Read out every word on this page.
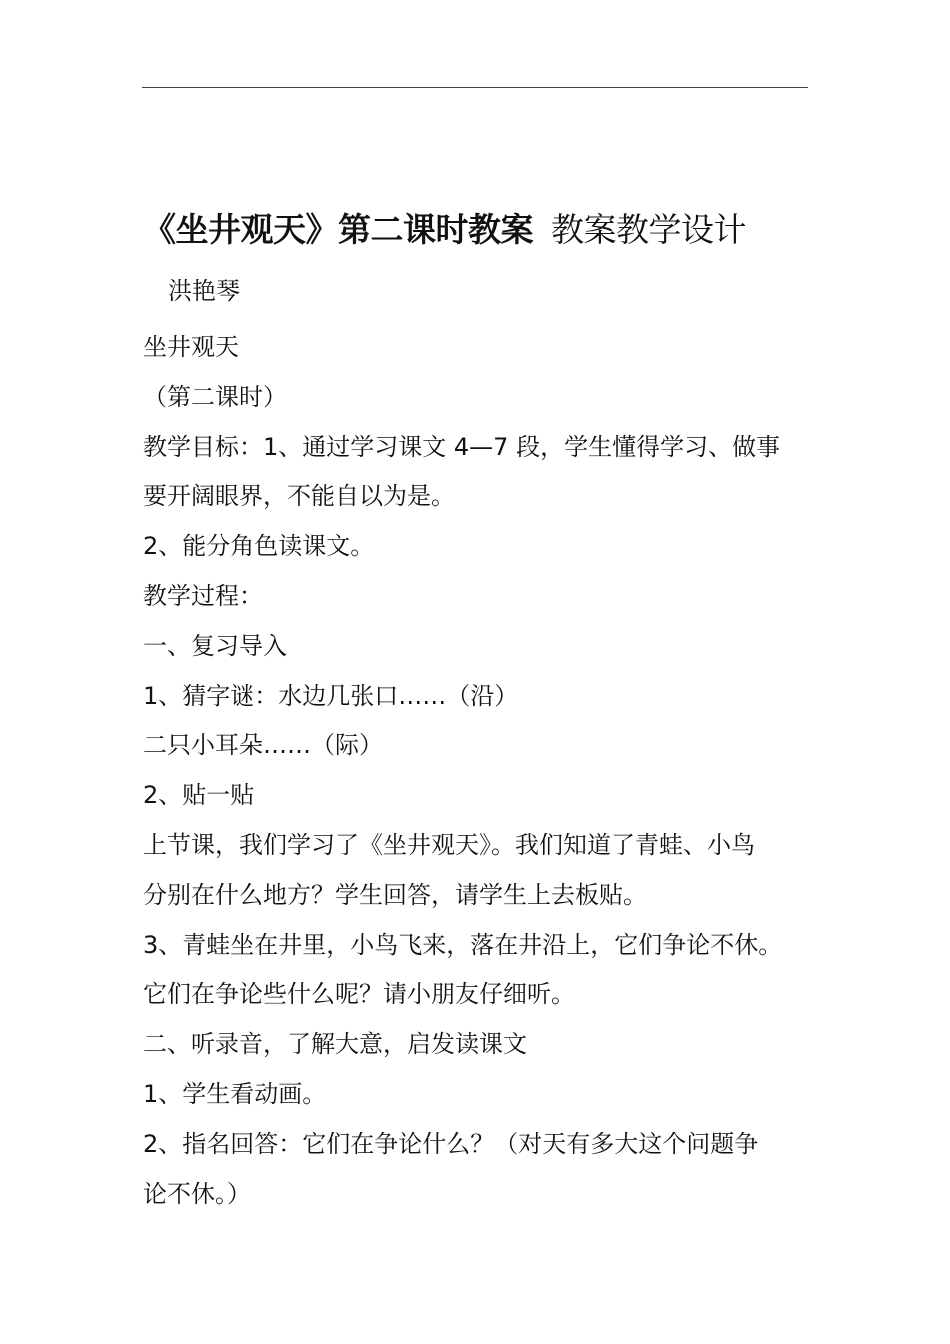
《坐井观天》第二课时教案 教案教学设计
洪艳琴

坐井观天

（第二课时）

教学目标：1、通过学习课文 4—7 段，学生懂得学习、做事

要开阔眼界，不能自以为是。

2、能分角色读课文。

教学过程：

一、复习导入

1、猜字谜：水边几张口……（沿）

二只小耳朵……（际）

2、贴一贴

上节课，我们学习了《坐井观天》。我们知道了青蛙、小鸟

分别在什么地方？学生回答，请学生上去板贴。

3、青蛙坐在井里，小鸟飞来，落在井沿上，它们争论不休。

它们在争论些什么呢？请小朋友仔细听。

二、听录音，了解大意，启发读课文

1、学生看动画。

2、指名回答：它们在争论什么？（对天有多大这个问题争

论不休。）
